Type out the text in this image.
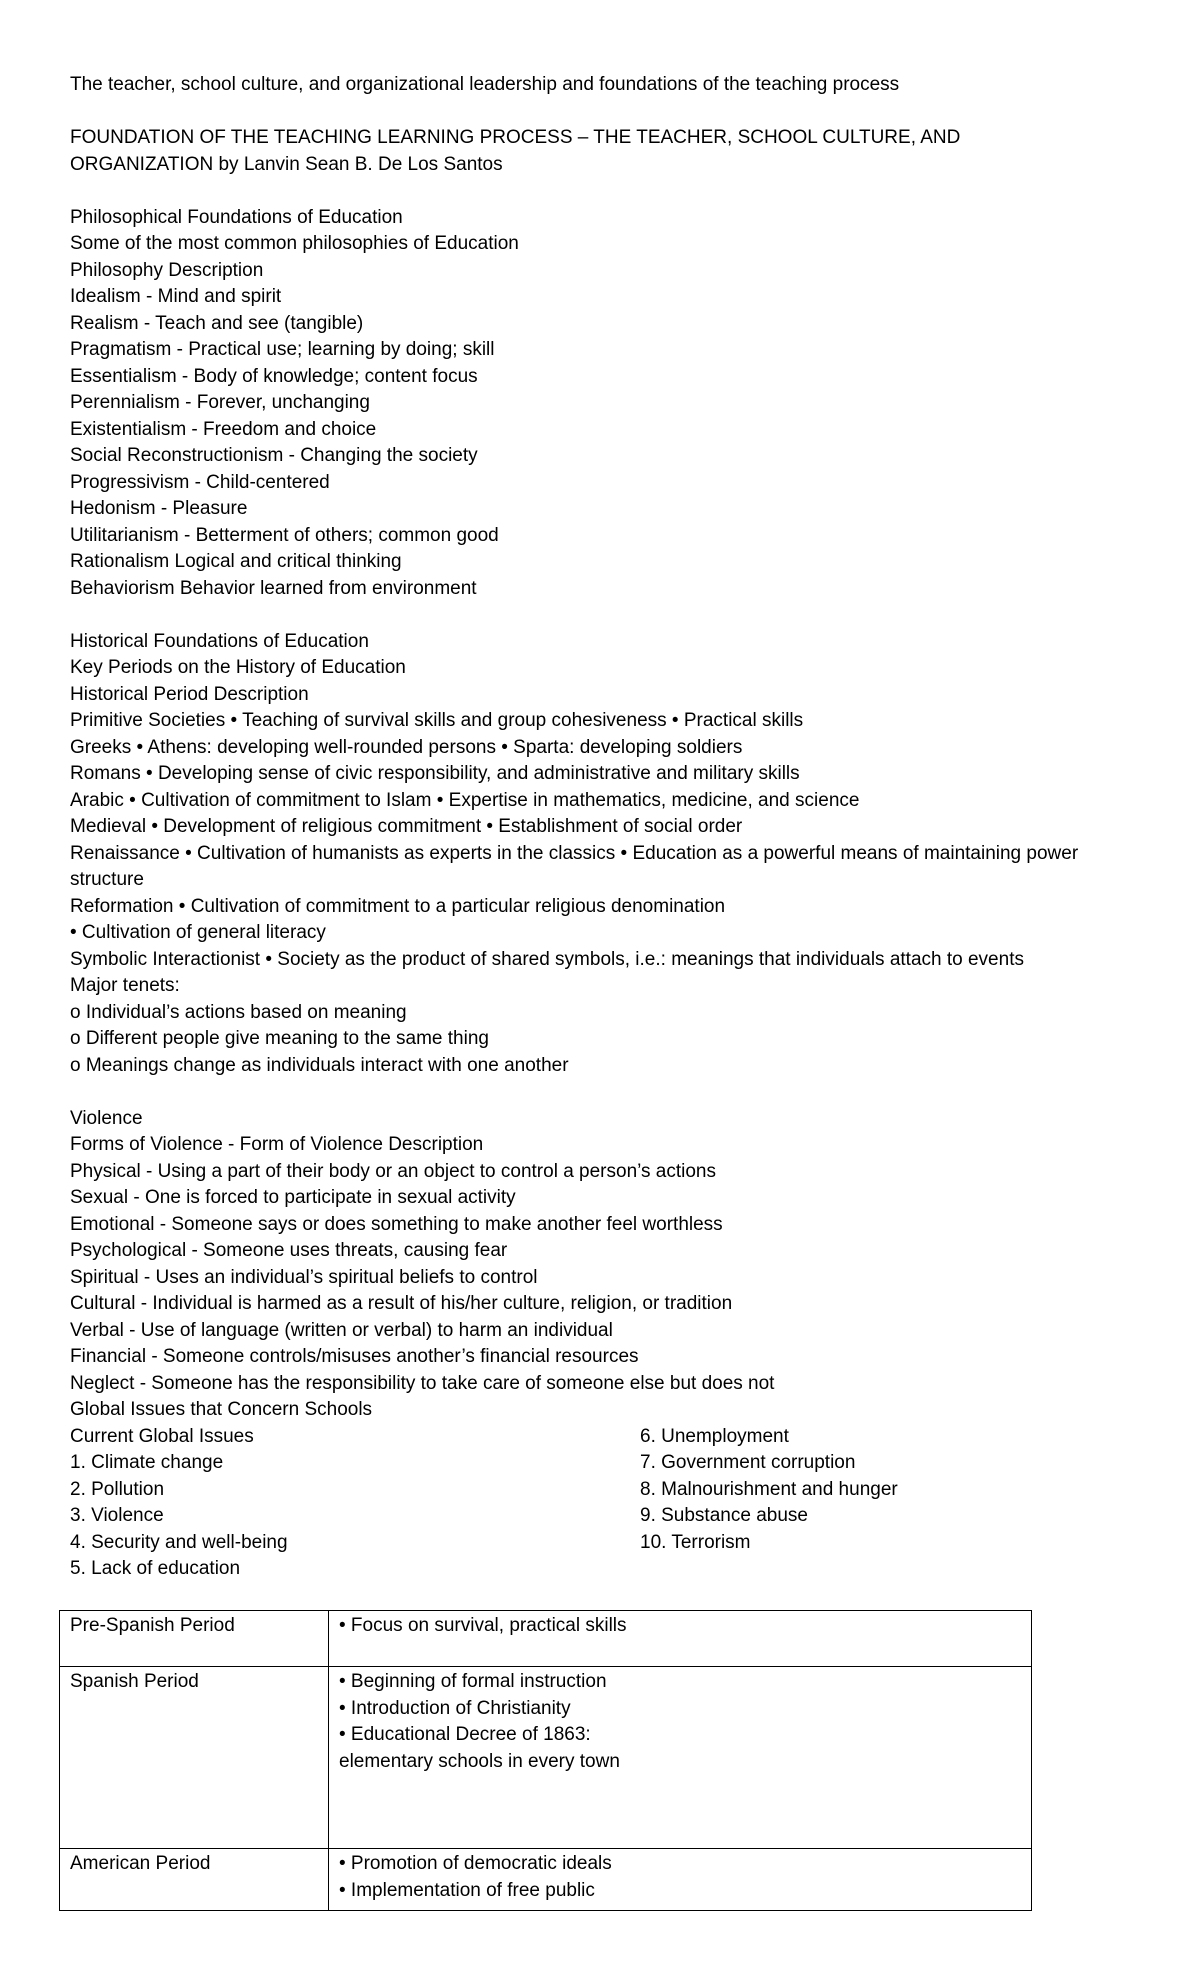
The teacher, school culture, and organizational leadership and foundations of the teaching process
FOUNDATION OF THE TEACHING LEARNING PROCESS – THE TEACHER, SCHOOL CULTURE, AND
ORGANIZATION by Lanvin Sean B. De Los Santos
Philosophical Foundations of Education
Some of the most common philosophies of Education
Philosophy Description
Idealism - Mind and spirit
Realism - Teach and see (tangible)
Pragmatism - Practical use; learning by doing; skill
Essentialism - Body of knowledge; content focus
Perennialism - Forever, unchanging
Existentialism - Freedom and choice
Social Reconstructionism - Changing the society
Progressivism - Child-centered
Hedonism - Pleasure
Utilitarianism - Betterment of others; common good
Rationalism Logical and critical thinking
Behaviorism Behavior learned from environment
Historical Foundations of Education
Key Periods on the History of Education
Historical Period Description
Primitive Societies • Teaching of survival skills and group cohesiveness • Practical skills
Greeks • Athens: developing well-rounded persons • Sparta: developing soldiers
Romans • Developing sense of civic responsibility, and administrative and military skills
Arabic • Cultivation of commitment to Islam • Expertise in mathematics, medicine, and science
Medieval • Development of religious commitment • Establishment of social order
Renaissance • Cultivation of humanists as experts in the classics • Education as a powerful means of maintaining power
structure
Reformation • Cultivation of commitment to a particular religious denomination
• Cultivation of general literacy
Symbolic Interactionist • Society as the product of shared symbols, i.e.: meanings that individuals attach to events
Major tenets:
o Individual’s actions based on meaning
o Different people give meaning to the same thing
o Meanings change as individuals interact with one another
Violence
Forms of Violence - Form of Violence Description
Physical - Using a part of their body or an object to control a person’s actions
Sexual - One is forced to participate in sexual activity
Emotional - Someone says or does something to make another feel worthless
Psychological - Someone uses threats, causing fear
Spiritual - Uses an individual’s spiritual beliefs to control
Cultural - Individual is harmed as a result of his/her culture, religion, or tradition
Verbal - Use of language (written or verbal) to harm an individual
Financial - Someone controls/misuses another’s financial resources
Neglect - Someone has the responsibility to take care of someone else but does not
Global Issues that Concern Schools
Current Global Issues
1. Climate change
2. Pollution
3. Violence
4. Security and well-being
5. Lack of education
6. Unemployment
7. Government corruption
8. Malnourishment and hunger
9. Substance abuse
10. Terrorism
Pre-Spanish Period	• Focus on survival, practical skills

Spanish Period	• Beginning of formal instruction
• Introduction of Christianity
• Educational Decree of 1863:
elementary schools in every town

American Period	• Promotion of democratic ideals
• Implementation of free public
